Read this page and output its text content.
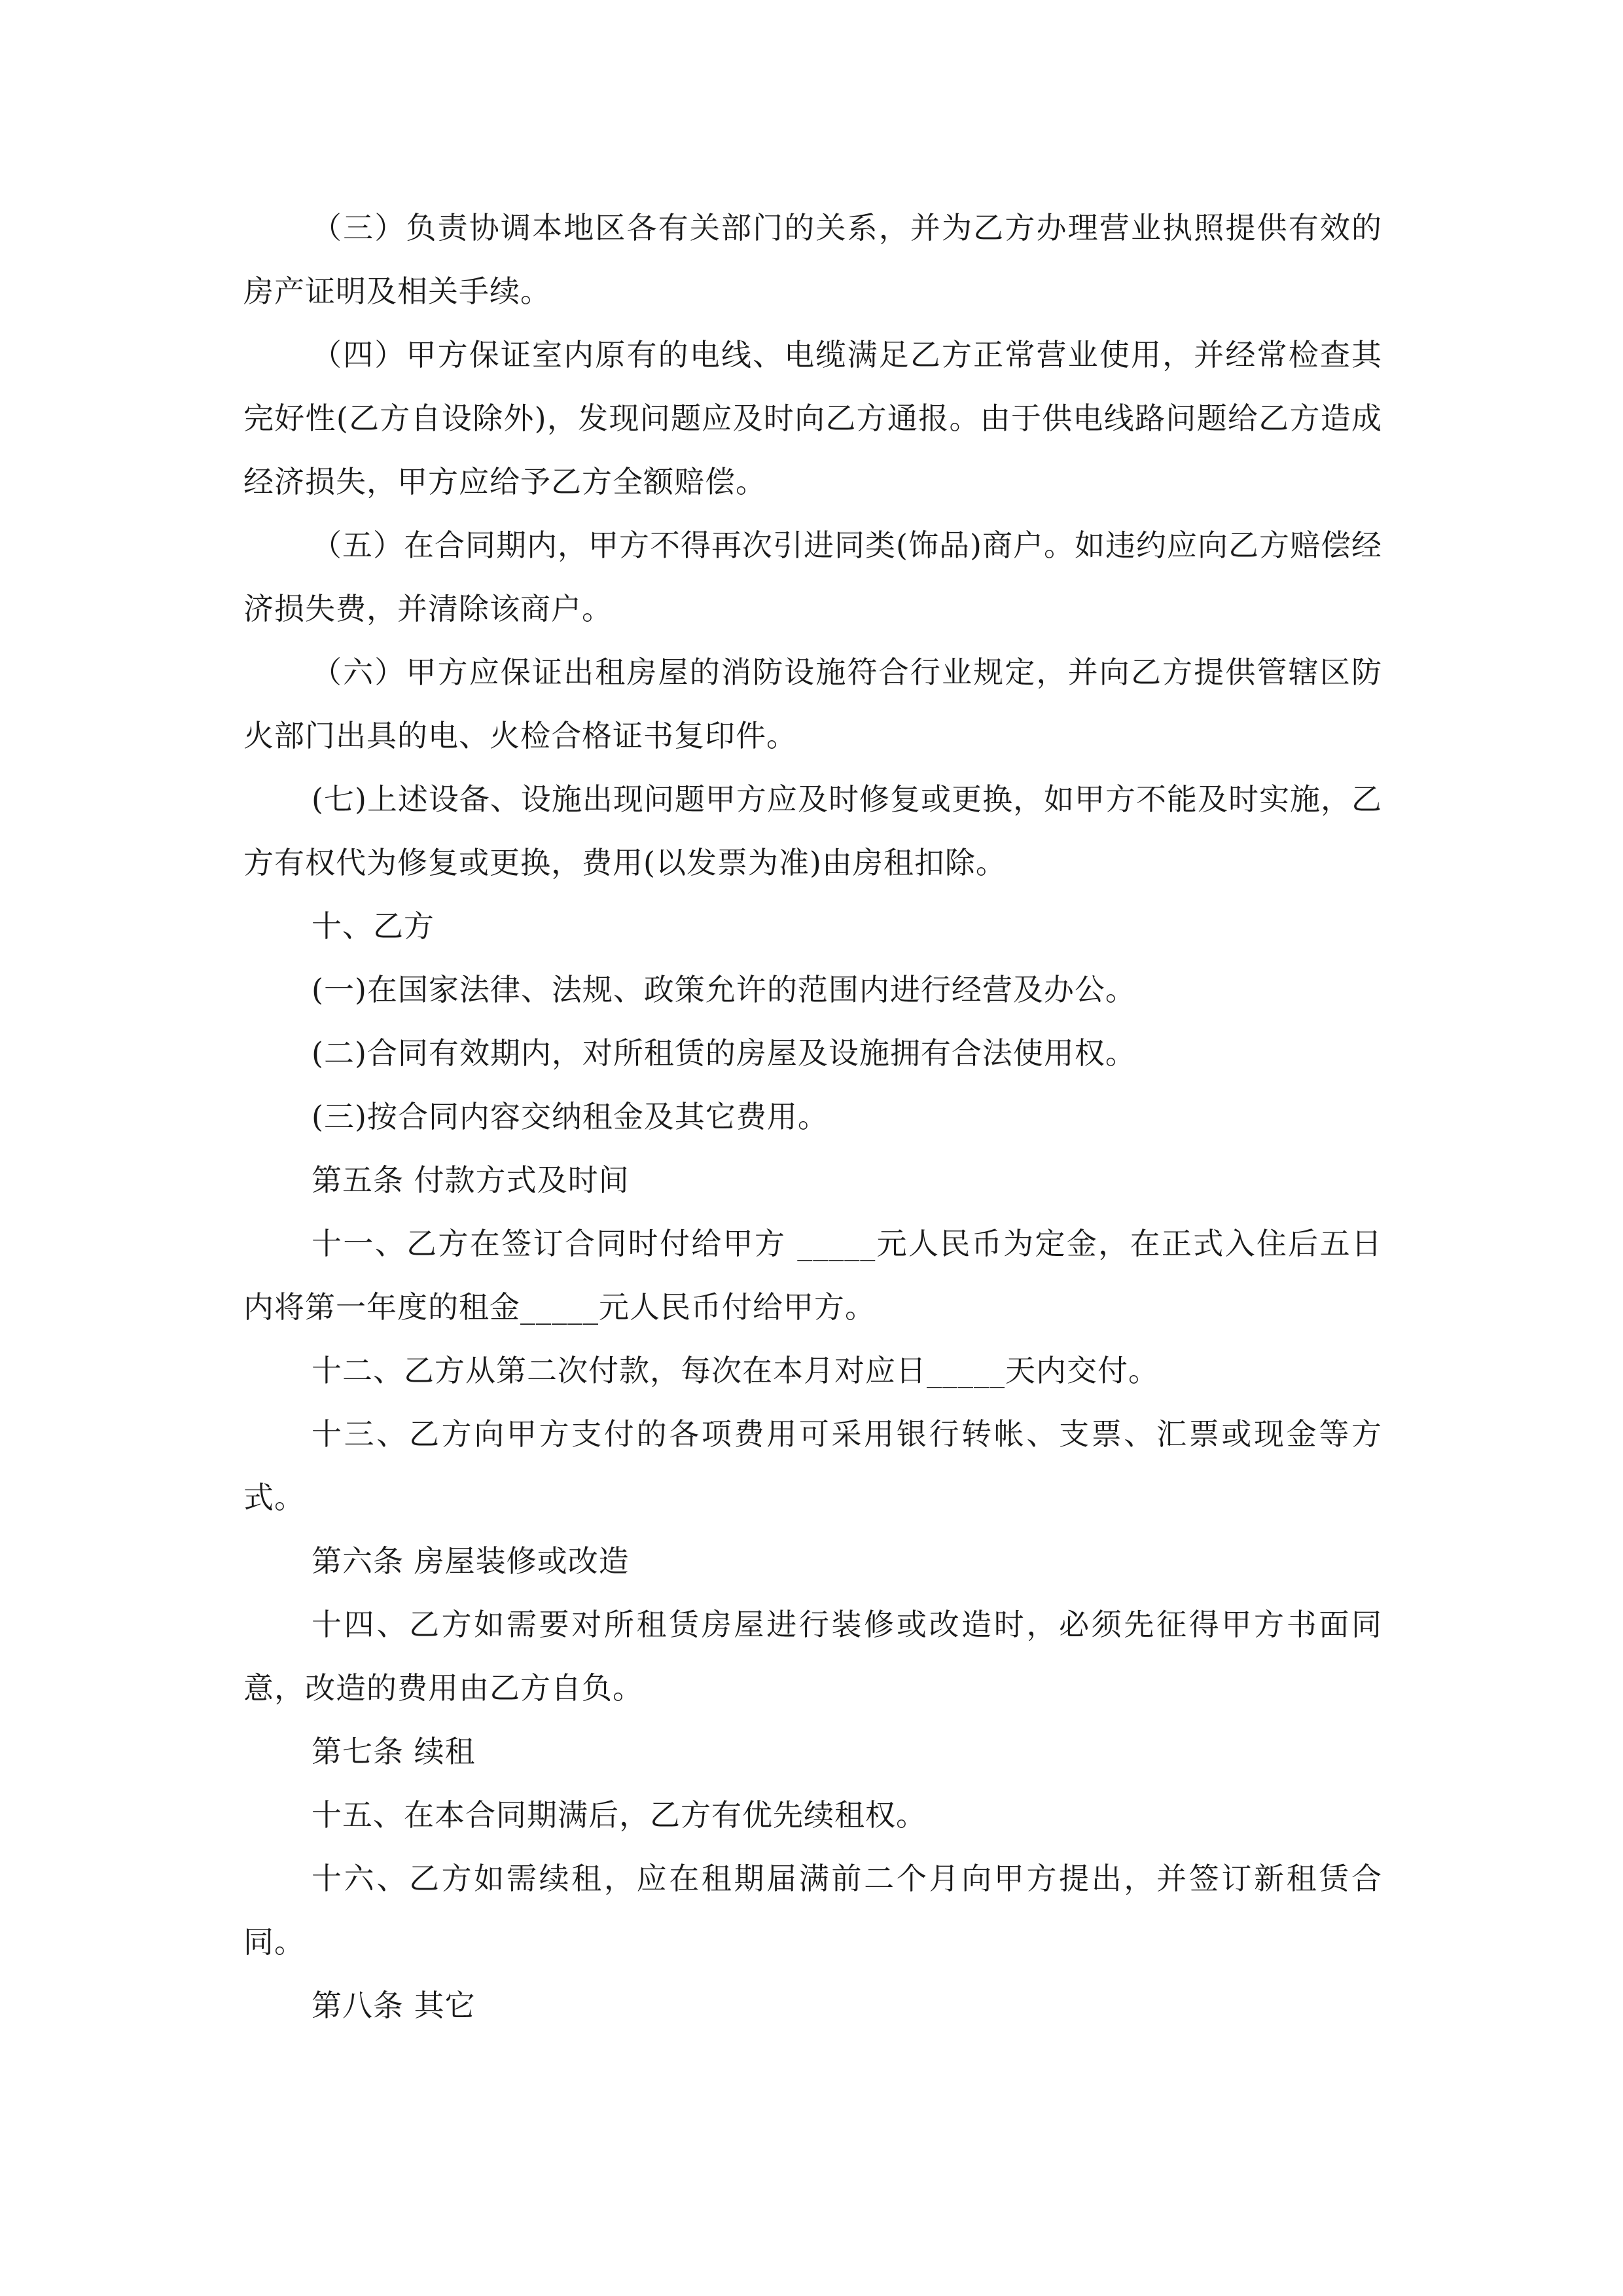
（三）负责协调本地区各有关部门的关系，并为乙方办理营业执照提供有效的房产证明及相关手续。

（四）甲方保证室内原有的电线、电缆满足乙方正常营业使用，并经常检查其完好性(乙方自设除外)，发现问题应及时向乙方通报。由于供电线路问题给乙方造成经济损失，甲方应给予乙方全额赔偿。

（五）在合同期内，甲方不得再次引进同类(饰品)商户。如违约应向乙方赔偿经济损失费，并清除该商户。

（六）甲方应保证出租房屋的消防设施符合行业规定，并向乙方提供管辖区防火部门出具的电、火检合格证书复印件。

(七)上述设备、设施出现问题甲方应及时修复或更换，如甲方不能及时实施，乙方有权代为修复或更换，费用(以发票为准)由房租扣除。

十、乙方

(一)在国家法律、法规、政策允许的范围内进行经营及办公。

(二)合同有效期内，对所租赁的房屋及设施拥有合法使用权。

(三)按合同内容交纳租金及其它费用。

第五条 付款方式及时间

十一、乙方在签订合同时付给甲方 _____元人民币为定金，在正式入住后五日内将第一年度的租金_____元人民币付给甲方。

十二、乙方从第二次付款，每次在本月对应日_____天内交付。

十三、乙方向甲方支付的各项费用可采用银行转帐、支票、汇票或现金等方式。

第六条 房屋装修或改造

十四、乙方如需要对所租赁房屋进行装修或改造时，必须先征得甲方书面同意，改造的费用由乙方自负。

第七条 续租

十五、在本合同期满后，乙方有优先续租权。

十六、乙方如需续租，应在租期届满前二个月向甲方提出，并签订新租赁合同。

第八条 其它
